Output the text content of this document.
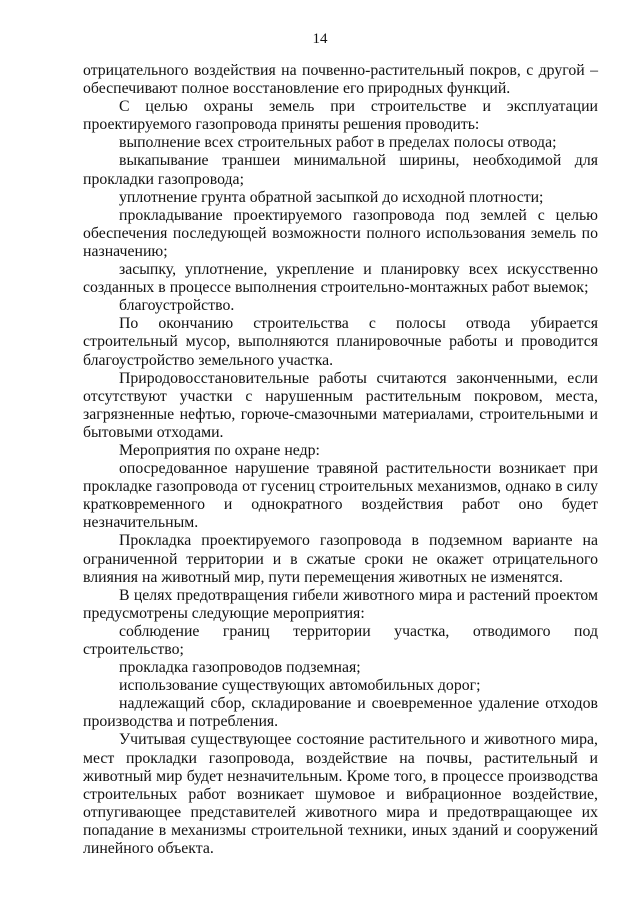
14

отрицательного воздействия на почвенно-растительный покров, с другой – обеспечивают полное восстановление его природных функций.

С целью охраны земель при строительстве и эксплуатации проектируемого газопровода приняты решения проводить:

выполнение всех строительных работ в пределах полосы отвода;

выкапывание траншеи минимальной ширины, необходимой для прокладки газопровода;

уплотнение грунта обратной засыпкой до исходной плотности;

прокладывание проектируемого газопровода под землей с целью обеспечения последующей возможности полного использования земель по назначению;

засыпку, уплотнение, укрепление и планировку всех искусственно созданных в процессе выполнения строительно-монтажных работ выемок;

благоустройство.

По окончанию строительства с полосы отвода убирается строительный мусор, выполняются планировочные работы и проводится благоустройство земельного участка.

Природовосстановительные работы считаются законченными, если отсутствуют участки с нарушенным растительным покровом, места, загрязненные нефтью, горюче-смазочными материалами, строительными и бытовыми отходами.

Мероприятия по охране недр:

опосредованное нарушение травяной растительности возникает при прокладке газопровода от гусениц строительных механизмов, однако в силу кратковременного и однократного воздействия работ оно будет незначительным.

Прокладка проектируемого газопровода в подземном варианте на ограниченной территории и в сжатые сроки не окажет отрицательного влияния на животный мир, пути перемещения животных не изменятся.

В целях предотвращения гибели животного мира и растений проектом предусмотрены следующие мероприятия:

соблюдение границ территории участка, отводимого под строительство;

прокладка газопроводов подземная;

использование существующих автомобильных дорог;

надлежащий сбор, складирование и своевременное удаление отходов производства и потребления.

Учитывая существующее состояние растительного и животного мира, мест прокладки газопровода, воздействие на почвы, растительный и животный мир будет незначительным. Кроме того, в процессе производства строительных работ возникает шумовое и вибрационное воздействие, отпугивающее представителей животного мира и предотвращающее их попадание в механизмы строительной техники, иных зданий и сооружений линейного объекта.
